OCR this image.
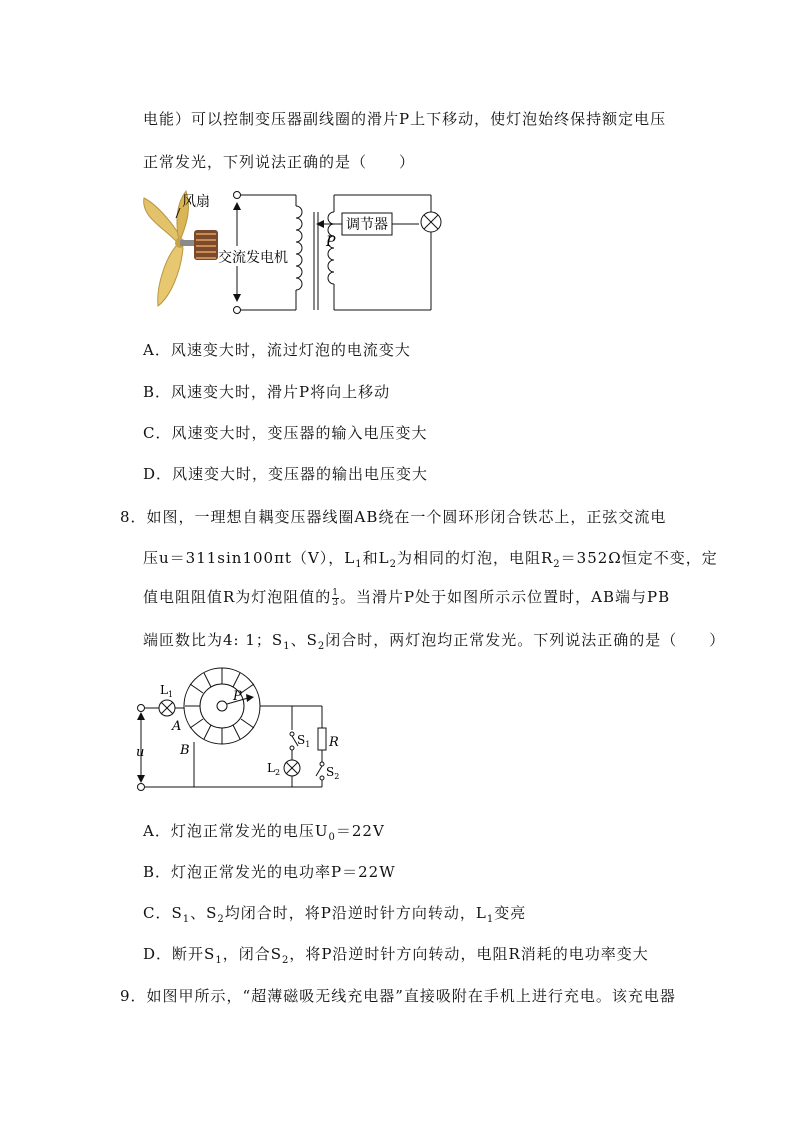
电能）可以控制变压器副线圈的滑片P上下移动，使灯泡始终保持额定电压
正常发光，下列说法正确的是（　　）
风扇
交流发电机
P
调节器
A．风速变大时，流过灯泡的电流变大
B．风速变大时，滑片P将向上移动
C．风速变大时，变压器的输入电压变大
D．风速变大时，变压器的输出电压变大
8．如图，一理想自耦变压器线圈AB绕在一个圆环形闭合铁芯上，正弦交流电
压u＝311sin100πt（V），$L_1$和$L_2$为相同的灯泡，电阻$R_2=352\Omega$恒定不变，定
值电阻阻值R为灯泡阻值的 $\frac{1}{3}$ 。当滑片P处于如图所示示位置时，AB端与PB
端匝数比为4: 1；$S_1$、$S_2$闭合时，两灯泡均正常发光。下列说法正确的是（　　）
u
$L_1$
A
P
B
$S_1$
$L_2$
R
$S_2$
A．灯泡正常发光的电压$U_0=22V$
B．灯泡正常发光的电功率P＝22W
C．$S_1$、$S_2$均闭合时，将P沿逆时针方向转动，$L_1$变亮
D．断开$S_1$，闭合$S_2$，将P沿逆时针方向转动，电阻R消耗的电功率变大
9．如图甲所示，“超薄磁吸无线充电器”直接吸附在手机上进行充电。该充电器
